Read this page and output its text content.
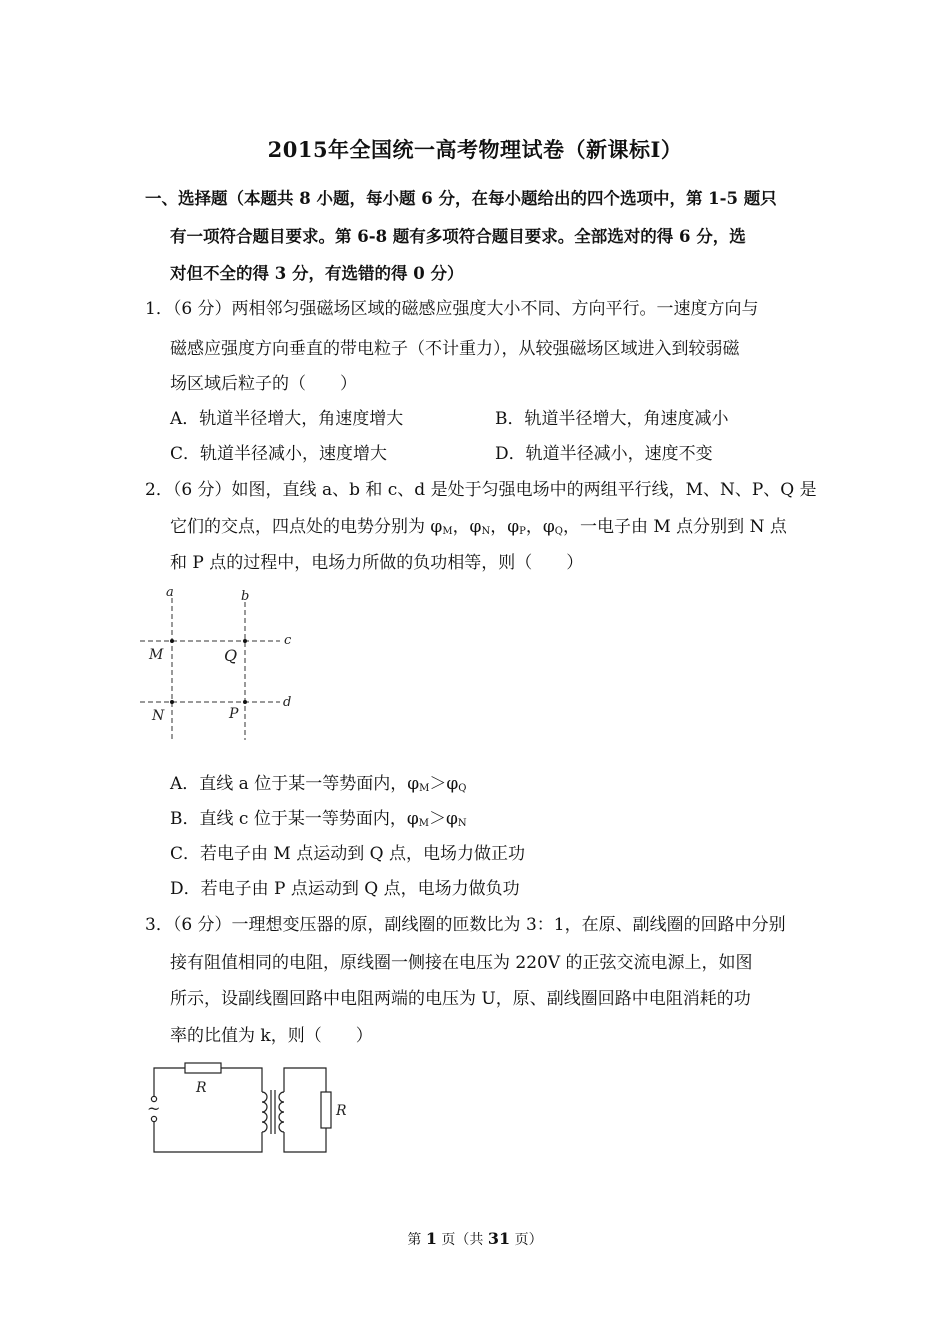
2015年全国统一高考物理试卷（新课标Ⅰ）
一、选择题（本题共 8 小题，每小题 6 分，在每小题给出的四个选项中，第 1-5 题只
有一项符合题目要求。第 6-8 题有多项符合题目要求。全部选对的得 6 分，选
对但不全的得 3 分，有选错的得 0 分）
1．（6 分）两相邻匀强磁场区域的磁感应强度大小不同、方向平行。一速度方向与
磁感应强度方向垂直的带电粒子（不计重力），从较强磁场区域进入到较弱磁
场区域后粒子的（　　）
A．轨道半径增大，角速度增大	B．轨道半径增大，角速度减小
C．轨道半径减小，速度增大	D．轨道半径减小，速度不变
2．（6 分）如图，直线 a、b 和 c、d 是处于匀强电场中的两组平行线，M、N、P、Q 是
它们的交点，四点处的电势分别为 $\varphi_M$，$\varphi_N$，$\varphi_P$，$\varphi_Q$，一电子由 M 点分别到 N 点
和 P 点的过程中，电场力所做的负功相等，则（　　）
a	b
c
d
M	Q
N	P
A．直线 a 位于某一等势面内，$\varphi_M>\varphi_Q$
B．直线 c 位于某一等势面内，$\varphi_M>\varphi_N$
C．若电子由 M 点运动到 Q 点，电场力做正功
D．若电子由 P 点运动到 Q 点，电场力做负功
3．（6 分）一理想变压器的原，副线圈的匝数比为 3：1，在原、副线圈的回路中分别
接有阻值相同的电阻，原线圈一侧接在电压为 220V 的正弦交流电源上，如图
所示，设副线圈回路中电阻两端的电压为 U，原、副线圈回路中电阻消耗的功
率的比值为 k，则（　　）
R
R
~
第 1 页（共 31 页）
